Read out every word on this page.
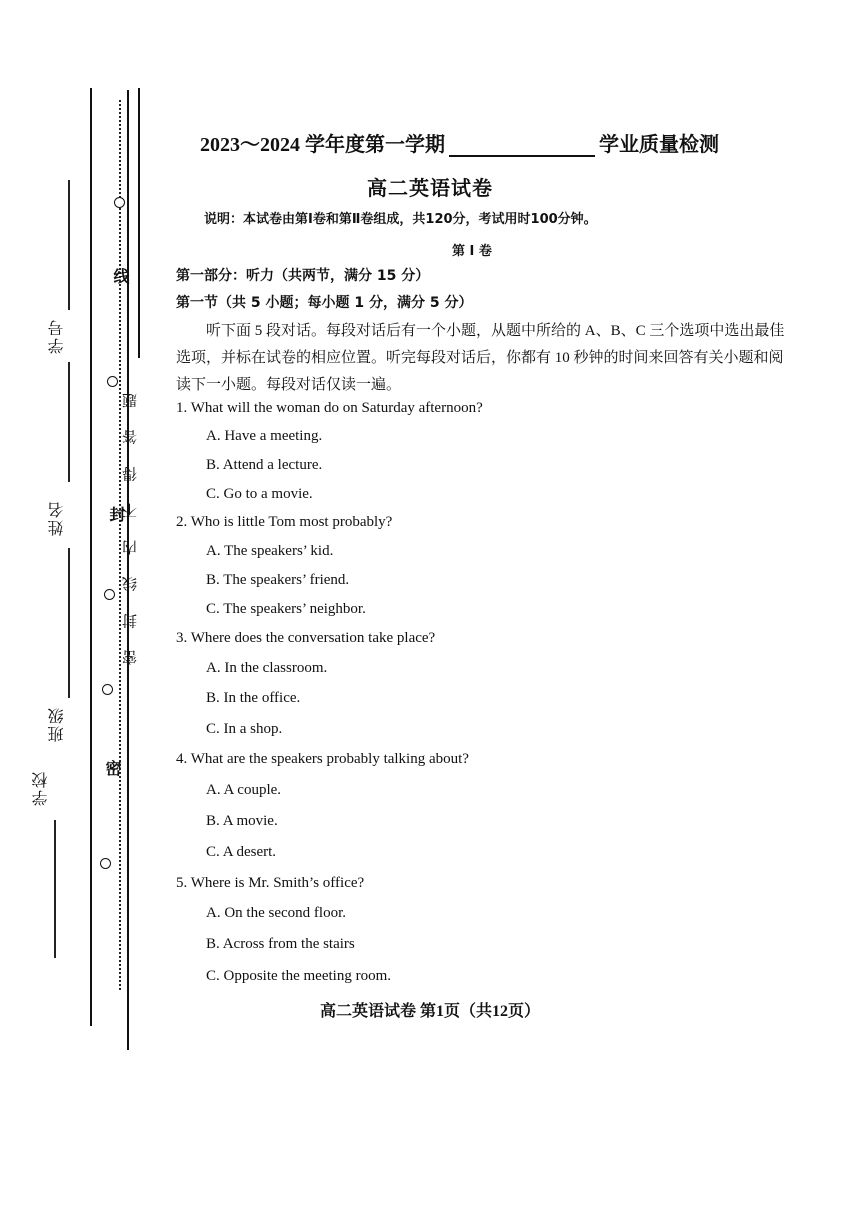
线
封
密
密 封 线 内 不 得 答 题
学号
姓名
班级
学校
2023～2024 学年度第一学期	学业质量检测
高二英语试卷
说明：本试卷由第Ⅰ卷和第Ⅱ卷组成，共120分，考试用时100分钟。
第 Ⅰ 卷
第一部分：听力（共两节，满分 15 分）
第一节（共 5 小题；每小题 1 分，满分 5 分）
听下面 5 段对话。每段对话后有一个小题，从题中所给的 A、B、C 三个选项中选出最佳选项，并标在试卷的相应位置。听完每段对话后，你都有 10 秒钟的时间来回答有关小题和阅读下一小题。每段对话仅读一遍。
1. What will the woman do on Saturday afternoon?
A. Have a meeting.
B. Attend a lecture.
C. Go to a movie.
2. Who is little Tom most probably?
A. The speakers’ kid.
B. The speakers’ friend.
C. The speakers’ neighbor.
3. Where does the conversation take place?
A. In the classroom.
B. In the office.
C. In a shop.
4. What are the speakers probably talking about?
A. A couple.
B. A movie.
C. A desert.
5. Where is Mr. Smith’s office?
A. On the second floor.
B. Across from the stairs
C. Opposite the meeting room.
高二英语试卷 第1页（共12页）
